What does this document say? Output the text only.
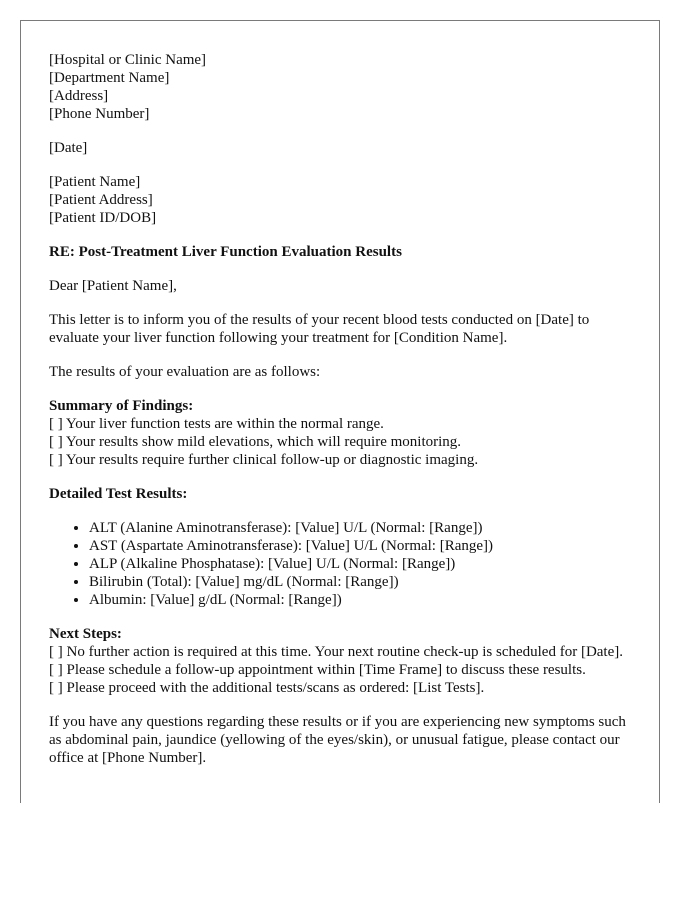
[Hospital or Clinic Name]
[Department Name]
[Address]
[Phone Number]
[Date]
[Patient Name]
[Patient Address]
[Patient ID/DOB]
RE: Post-Treatment Liver Function Evaluation Results

Dear [Patient Name],

This letter is to inform you of the results of your recent blood tests conducted on [Date] to evaluate your liver function following your treatment for [Condition Name].

The results of your evaluation are as follows:

Summary of Findings:
[ ] Your liver function tests are within the normal range.
[ ] Your results show mild elevations, which will require monitoring.
[ ] Your results require further clinical follow-up or diagnostic imaging.
Detailed Test Results:
• ALT (Alanine Aminotransferase): [Value] U/L (Normal: [Range])
• AST (Aspartate Aminotransferase): [Value] U/L (Normal: [Range])
• ALP (Alkaline Phosphatase): [Value] U/L (Normal: [Range])
• Bilirubin (Total): [Value] mg/dL (Normal: [Range])
• Albumin: [Value] g/dL (Normal: [Range])
Next Steps:

[ ] No further action is required at this time. Your next routine check-up is scheduled for [Date].

[ ] Please schedule a follow-up appointment within [Time Frame] to discuss these results.

[ ] Please proceed with the additional tests/scans as ordered: [List Tests].

If you have any questions regarding these results or if you are experiencing new symptoms such as abdominal pain, jaundice (yellowing of the eyes/skin), or unusual fatigue, please contact our office at [Phone Number].
